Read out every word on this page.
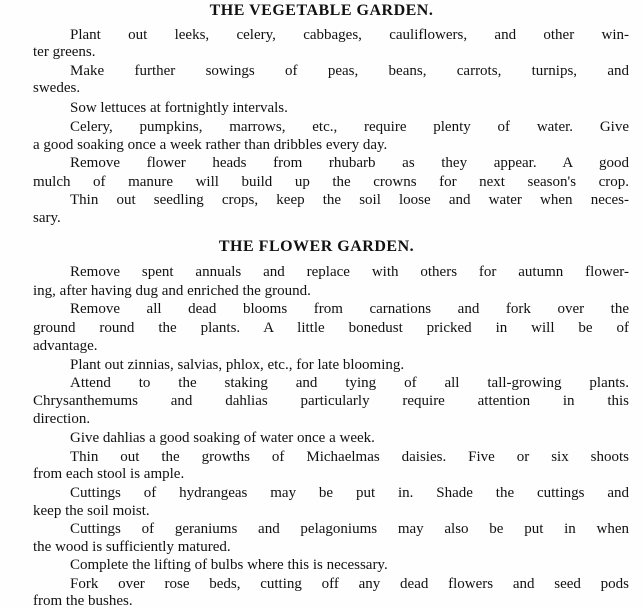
THE VEGETABLE GARDEN.
Plant out leeks, celery, cabbages, cauliflowers, and other win-
ter greens.
Make further sowings of peas, beans, carrots, turnips, and
swedes.
Sow lettuces at fortnightly intervals.
Celery, pumpkins, marrows, etc., require plenty of water. Give
a good soaking once a week rather than dribbles every day.
Remove flower heads from rhubarb as they appear. A good
mulch of manure will build up the crowns for next season's crop.
Thin out seedling crops, keep the soil loose and water when neces-
sary.
THE FLOWER GARDEN.
Remove spent annuals and replace with others for autumn flower-
ing, after having dug and enriched the ground.
Remove all dead blooms from carnations and fork over the
ground round the plants. A little bonedust pricked in will be of
advantage.
Plant out zinnias, salvias, phlox, etc., for late blooming.
Attend to the staking and tying of all tall-growing plants.
Chrysanthemums and dahlias particularly require attention in this
direction.
Give dahlias a good soaking of water once a week.
Thin out the growths of Michaelmas daisies. Five or six shoots
from each stool is ample.
Cuttings of hydrangeas may be put in. Shade the cuttings and
keep the soil moist.
Cuttings of geraniums and pelagoniums may also be put in when
the wood is sufficiently matured.
Complete the lifting of bulbs where this is necessary.
Fork over rose beds, cutting off any dead flowers and seed pods
from the bushes.
